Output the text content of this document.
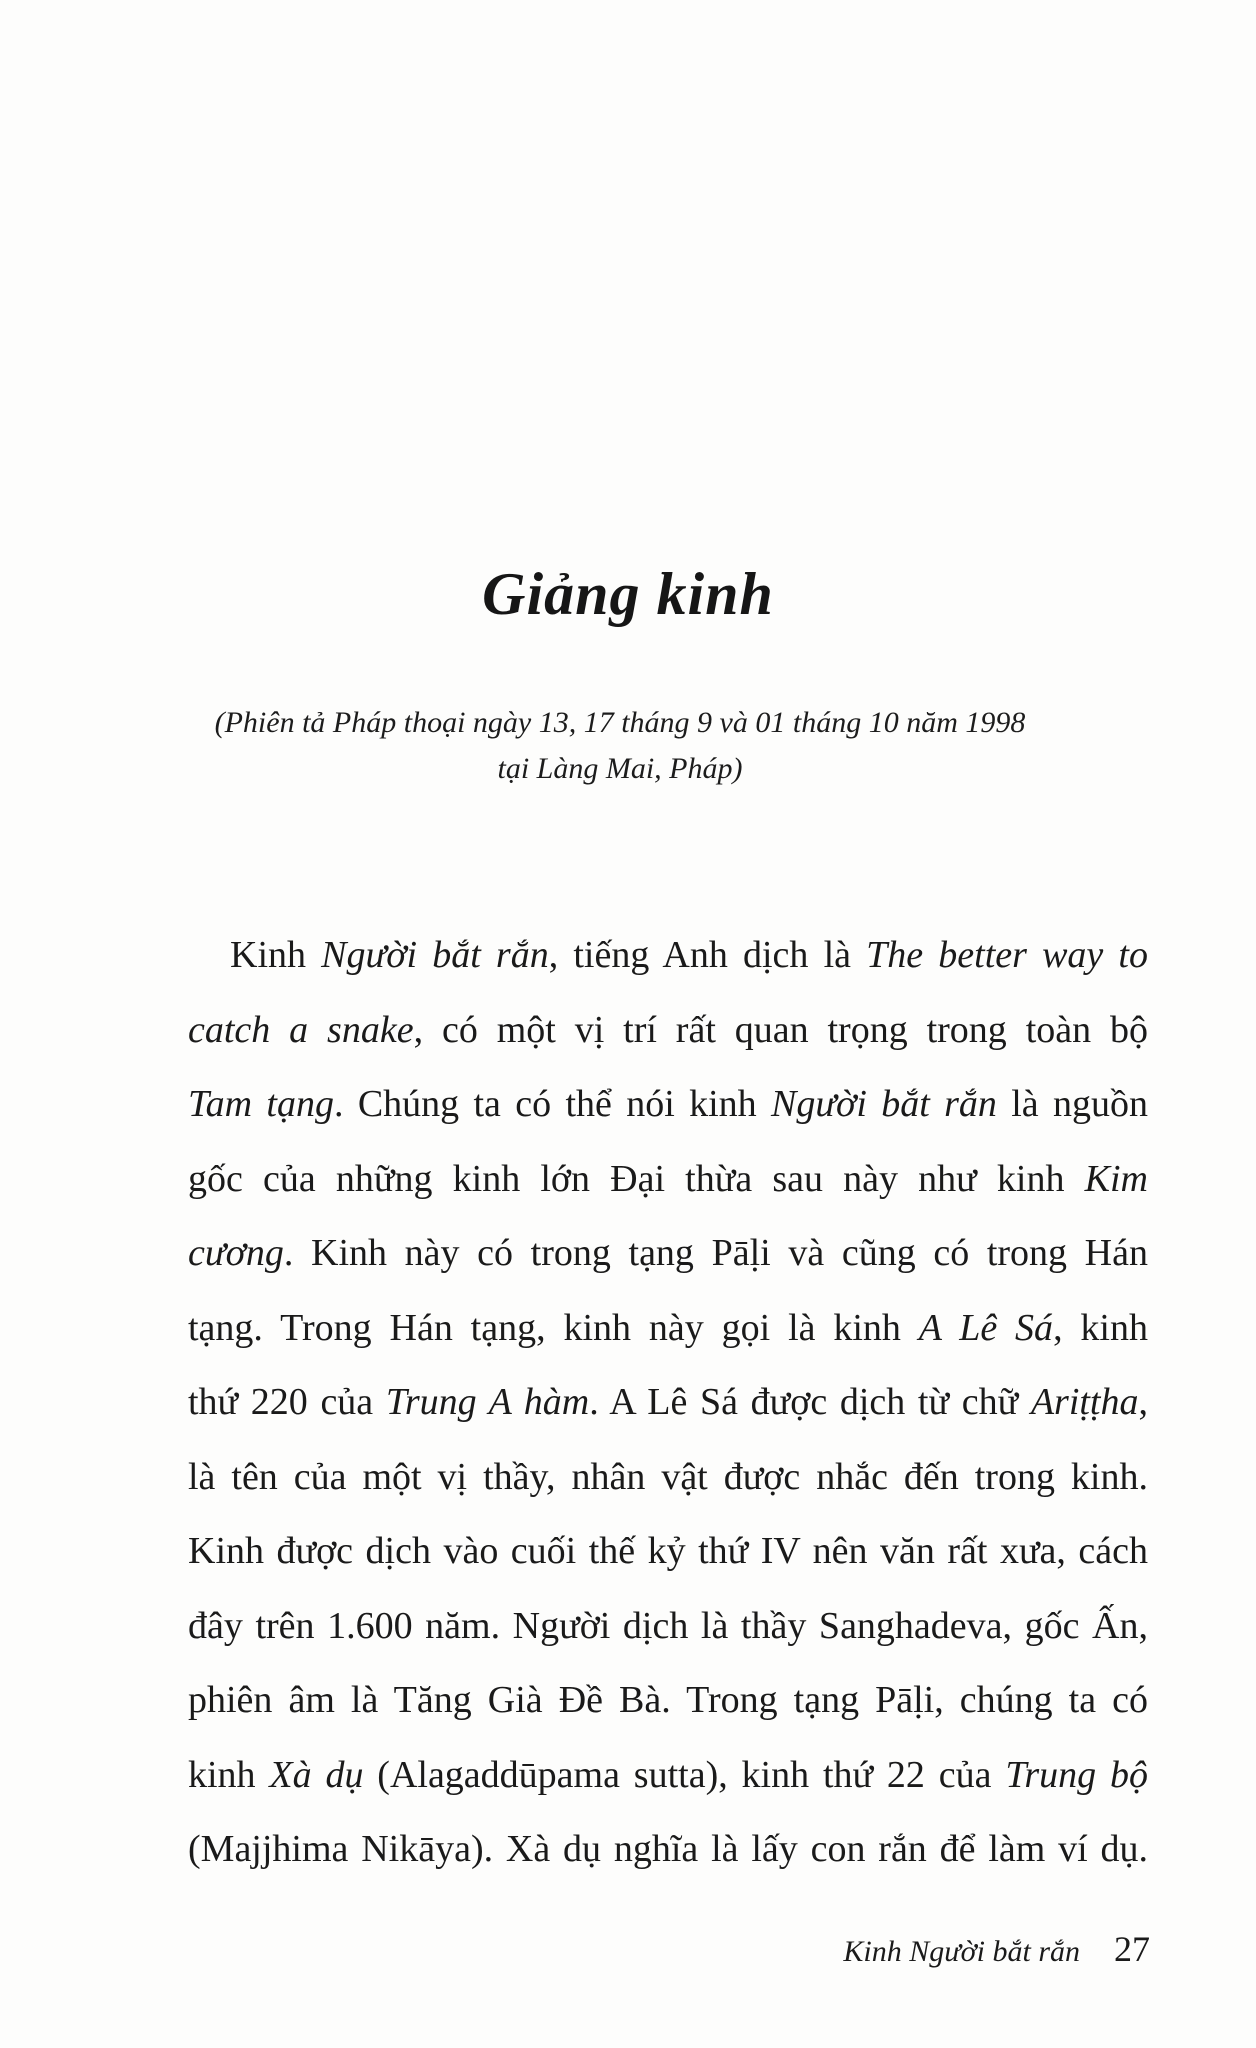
Giảng kinh
(Phiên tả Pháp thoại ngày 13, 17 tháng 9 và 01 tháng 10 năm 1998
tại Làng Mai, Pháp)
Kinh Người bắt rắn, tiếng Anh dịch là The better way to
catch a snake, có một vị trí rất quan trọng trong toàn bộ
Tam tạng. Chúng ta có thể nói kinh Người bắt rắn là nguồn
gốc của những kinh lớn Đại thừa sau này như kinh Kim
cương. Kinh này có trong tạng Pāḷi và cũng có trong Hán
tạng. Trong Hán tạng, kinh này gọi là kinh A Lê Sá, kinh
thứ 220 của Trung A hàm. A Lê Sá được dịch từ chữ Ariṭṭha,
là tên của một vị thầy, nhân vật được nhắc đến trong kinh.
Kinh được dịch vào cuối thế kỷ thứ IV nên văn rất xưa, cách
đây trên 1.600 năm. Người dịch là thầy Sanghadeva, gốc Ấn,
phiên âm là Tăng Già Đề Bà. Trong tạng Pāḷi, chúng ta có
kinh Xà dụ (Alagaddūpama sutta), kinh thứ 22 của Trung bộ
(Majjhima Nikāya). Xà dụ nghĩa là lấy con rắn để làm ví dụ.
Kinh Người bắt rắn 27
